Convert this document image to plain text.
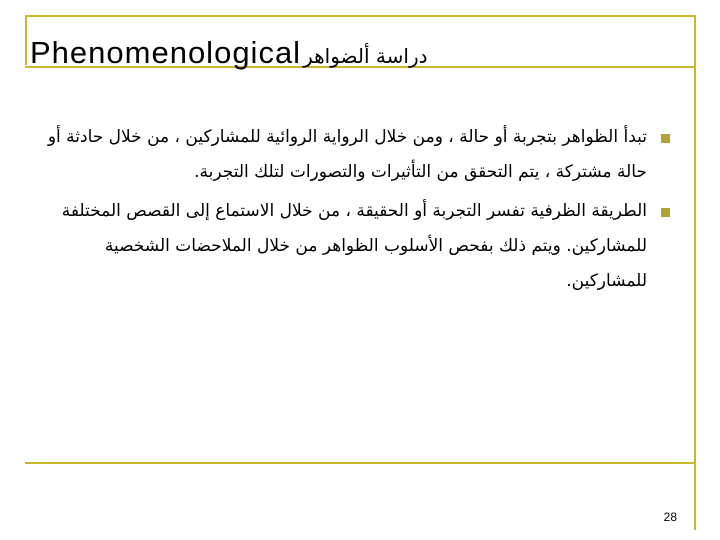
Phenomenological دراسة ألضواهر
تبدأ الظواهر بتجربة أو حالة ، ومن خلال الرواية الروائية للمشاركين ، من خلال حادثة أو حالة مشتركة ، يتم التحقق من التأثيرات والتصورات لتلك التجربة.
الطريقة الظرفية تفسر التجربة أو الحقيقة ، من خلال الاستماع إلى القصص المختلفة للمشاركين. ويتم ذلك بفحص الأسلوب الظواهر من خلال الملاحضات الشخصية للمشاركين.
28
